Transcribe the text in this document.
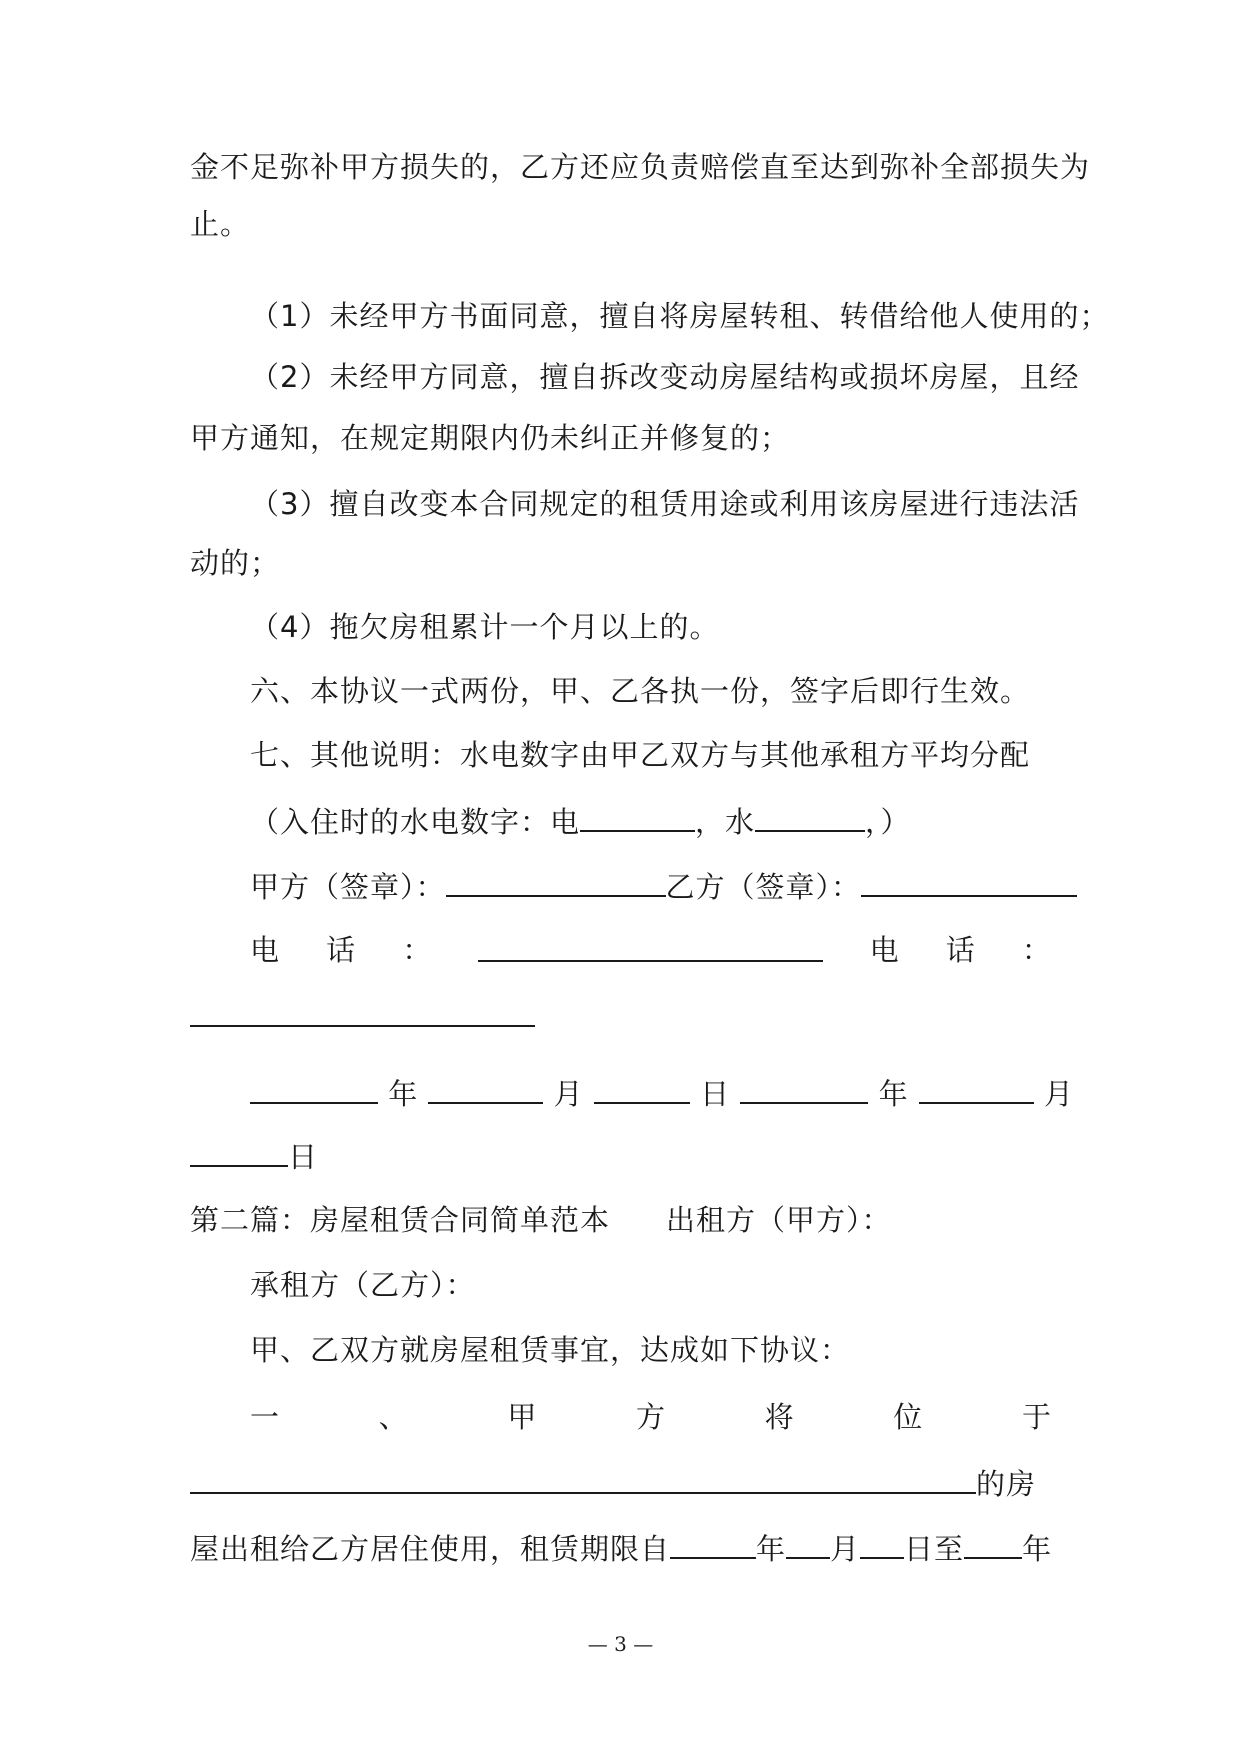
金不足弥补甲方损失的，乙方还应负责赔偿直至达到弥补全部损失为
止。
（1）未经甲方书面同意，擅自将房屋转租、转借给他人使用的；
（2）未经甲方同意，擅自拆改变动房屋结构或损坏房屋，且经
甲方通知，在规定期限内仍未纠正并修复的；
（3）擅自改变本合同规定的租赁用途或利用该房屋进行违法活
动的；
（4）拖欠房租累计一个月以上的。
六、本协议一式两份，甲、乙各执一份，签字后即行生效。
七、其他说明：水电数字由甲乙双方与其他承租方平均分配
（入住时的水电数字：电	，水	，）
甲方（签章）：	乙方（签章）：
电 话 ：	电 话 ：
年	月	日	年	月
日
第二篇：房屋租赁合同简单范本 出租方（甲方）：
承租方（乙方）：
甲、乙双方就房屋租赁事宜，达成如下协议：
一	、	甲	方	将	位	于
的房
屋出租给乙方居住使用，租赁期限自	年 月 日至 年
— 3 —
